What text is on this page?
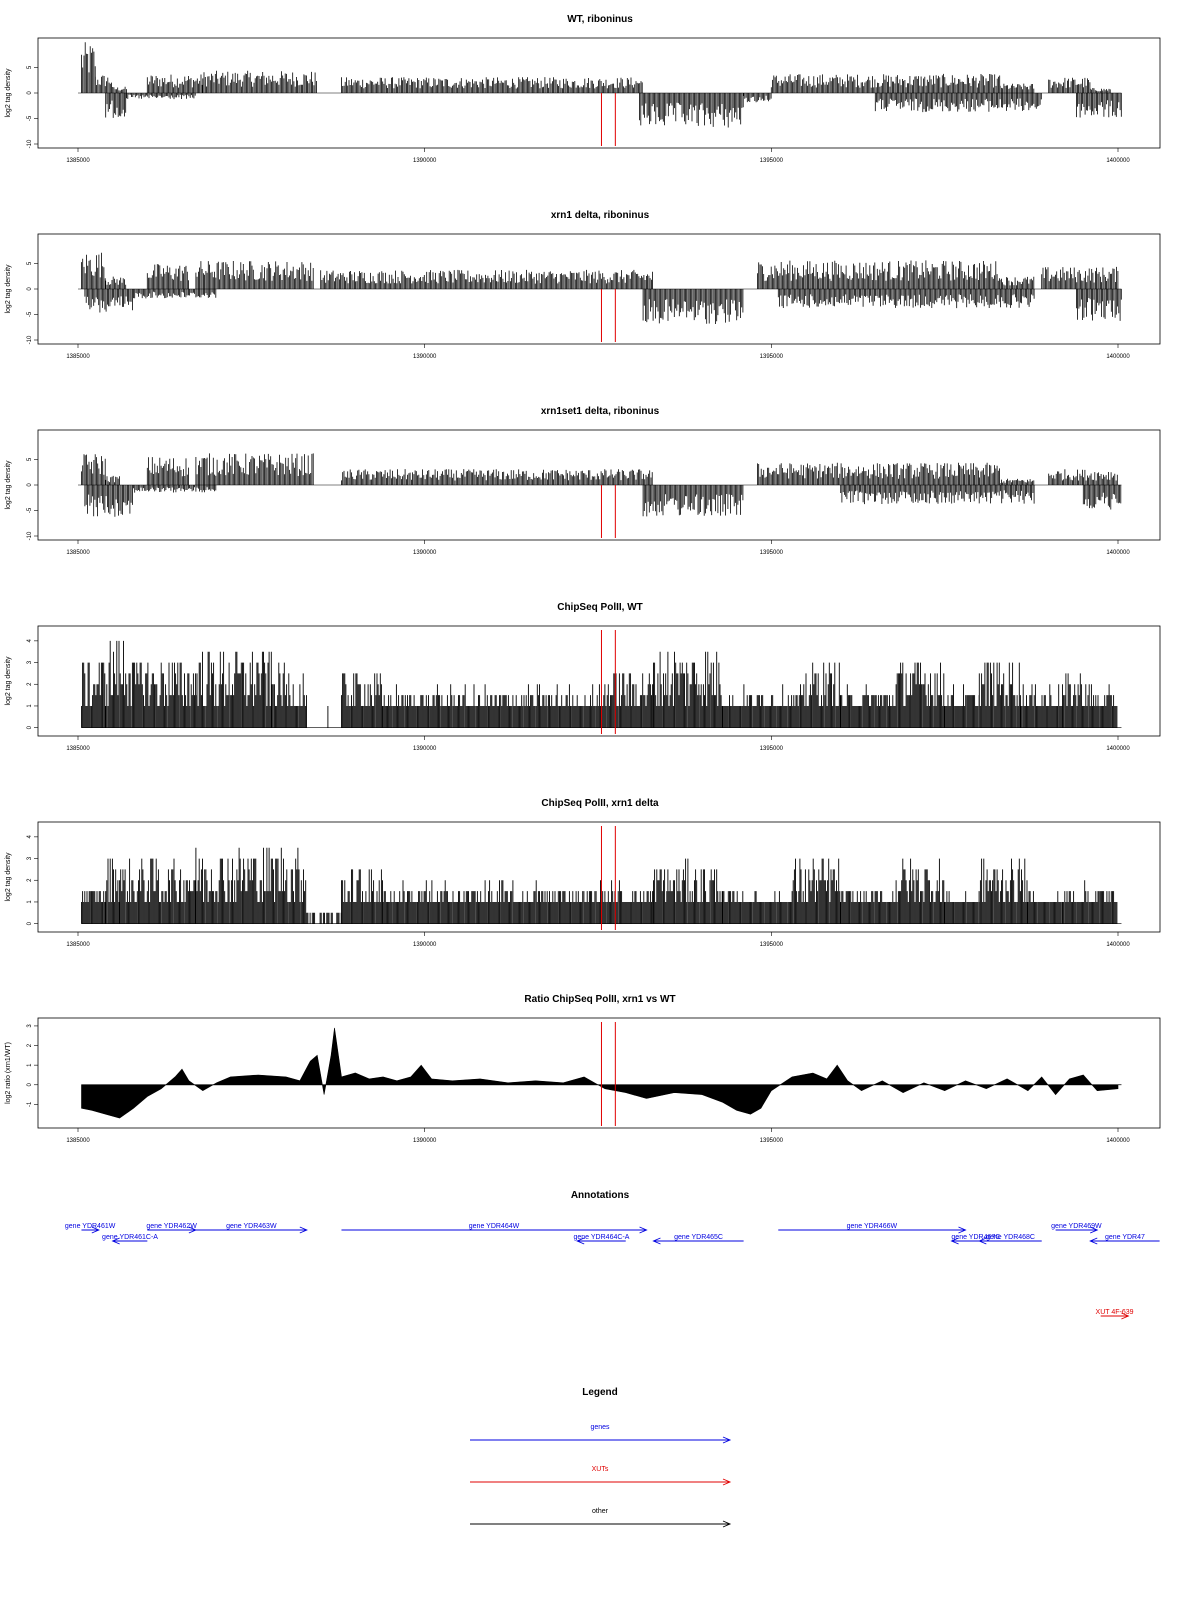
WT, riboninus
-10
-5
0
5
log2 tag density
1385000	1390000	1395000	1400000
xrn1 delta, riboninus
-10
-5
0
5
log2 tag density
1385000	1390000	1395000	1400000
xrn1set1 delta, riboninus
-10
-5
0
5
log2 tag density
1385000	1390000	1395000	1400000
ChipSeq PolII, WT
0
1
2
3
4
log2 tag density
1385000	1390000	1395000	1400000
ChipSeq PolII, xrn1 delta
0
1
2
3
4
log2 tag density
1385000	1390000	1395000	1400000
Ratio ChipSeq PolII, xrn1 vs WT
-1
0
1
2
3
log2 ratio (xrn1/WT)
1385000	1390000	1395000	1400000
Annotations
gene YDR461W
gene YDR461C-A
gene YDR462W	gene YDR463W	gene YDR464W
gene YDR464C-A	gene YDR465C
gene YDR466W
gene YDR467C
gene YDR468C
gene YDR469W
gene YDR47
XUT 4F-639
Legend
genes
XUTs
other
